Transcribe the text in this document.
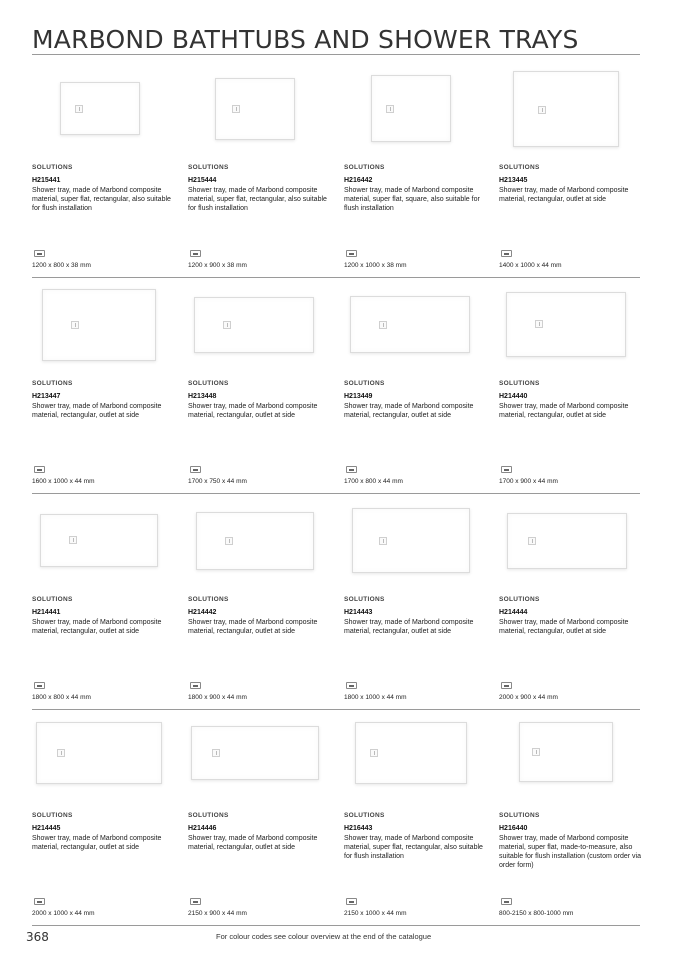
MARBOND BATHTUBS AND SHOWER TRAYS
SOLUTIONS
H215441
Shower tray, made of Marbond composite material, super flat, rectangular, also suitable for flush installation
1200 x 800 x 38 mm
SOLUTIONS
H215444
Shower tray, made of Marbond composite material, super flat, rectangular, also suitable for flush installation
1200 x 900 x 38 mm
SOLUTIONS
H216442
Shower tray, made of Marbond composite material, super flat, square, also suitable for flush installation
1200 x 1000 x 38 mm
SOLUTIONS
H213445
Shower tray, made of Marbond composite material, rectangular, outlet at side
1400 x 1000 x 44 mm
SOLUTIONS
H213447
Shower tray, made of Marbond composite material, rectangular, outlet at side
1600 x 1000 x 44 mm
SOLUTIONS
H213448
Shower tray, made of Marbond composite material, rectangular, outlet at side
1700 x 750 x 44 mm
SOLUTIONS
H213449
Shower tray, made of Marbond composite material, rectangular, outlet at side
1700 x 800 x 44 mm
SOLUTIONS
H214440
Shower tray, made of Marbond composite material, rectangular, outlet at side
1700 x 900 x 44 mm
SOLUTIONS
H214441
Shower tray, made of Marbond composite material, rectangular, outlet at side
1800 x 800 x 44 mm
SOLUTIONS
H214442
Shower tray, made of Marbond composite material, rectangular, outlet at side
1800 x 900 x 44 mm
SOLUTIONS
H214443
Shower tray, made of Marbond composite material, rectangular, outlet at side
1800 x 1000 x 44 mm
SOLUTIONS
H214444
Shower tray, made of Marbond composite material, rectangular, outlet at side
2000 x 900 x 44 mm
SOLUTIONS
H214445
Shower tray, made of Marbond composite material, rectangular, outlet at side
2000 x 1000 x 44 mm
SOLUTIONS
H214446
Shower tray, made of Marbond composite material, rectangular, outlet at side
2150 x 900 x 44 mm
SOLUTIONS
H216443
Shower tray, made of Marbond composite material, super flat, rectangular, also suitable for flush installation
2150 x 1000 x 44 mm
SOLUTIONS
H216440
Shower tray, made of Marbond composite material, super flat, made-to-measure, also suitable for flush installation (custom order via order form)
800-2150 x 800-1000 mm
368	For colour codes see colour overview at the end of the catalogue
